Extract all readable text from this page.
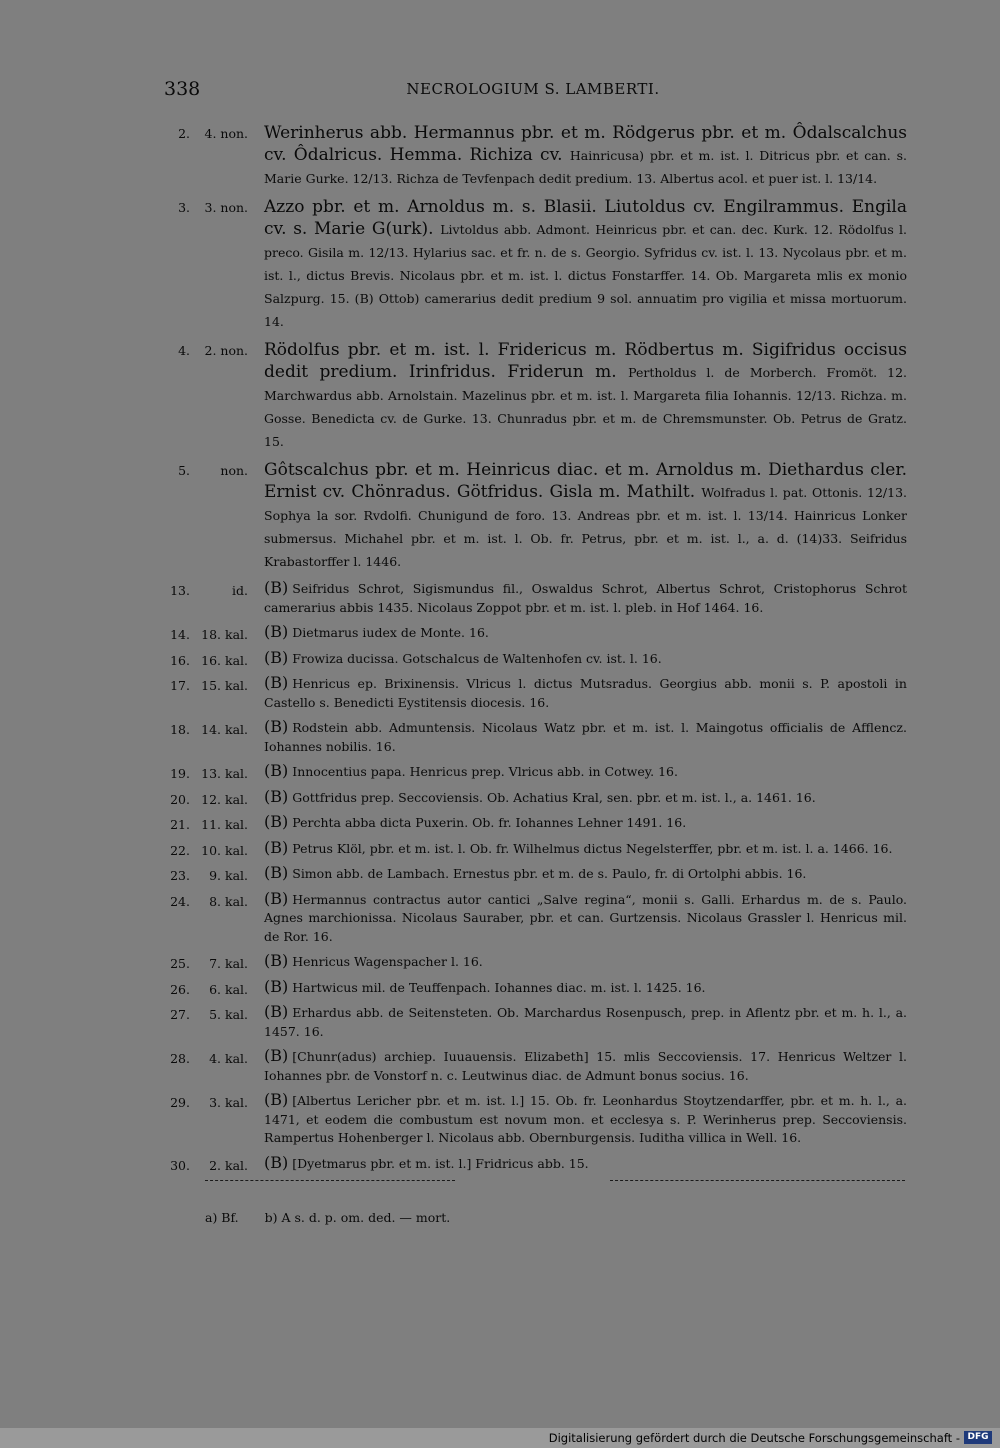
338	NECROLOGIUM S. LAMBERTI.
2.	4. non. Werinherus abb. Hermannus pbr. et m. Rödgerus pbr. et m. Ôdalscalchus cv. Ôdalricus. Hemma. Richiza cv. Hainricusa) pbr. et m. ist. l. Ditricus pbr. et can. s. Marie Gurke. 12/13. Richza de Tevfenpach dedit predium. 13. Albertus acol. et puer ist. l. 13/14.
3.	3. non. Azzo pbr. et m. Arnoldus m. s. Blasii. Liutoldus cv. Engilrammus. Engila cv. s. Marie G(urk). Livtoldus abb. Admont. Heinricus pbr. et can. dec. Kurk. 12. Rödolfus l. preco. Gisila m. 12/13. Hylarius sac. et fr. n. de s. Georgio. Syfridus cv. ist. l. 13. Nycolaus pbr. et m. ist. l., dictus Brevis. Nicolaus pbr. et m. ist. l. dictus Fonstarffer. 14. Ob. Margareta mlis ex monio Salzpurg. 15. (B) Ottob) camerarius dedit predium 9 sol. annuatim pro vigilia et missa mortuorum. 14.
4.	2. non. Rödolfus pbr. et m. ist. l. Fridericus m. Rödbertus m. Sigifridus occisus dedit predium. Irinfridus. Friderun m. Pertholdus l. de Morberch. Fromöt. 12. Marchwardus abb. Arnolstain. Mazelinus pbr. et m. ist. l. Margareta filia Iohannis. 12/13. Richza. m. Gosse. Benedicta cv. de Gurke. 13. Chunradus pbr. et m. de Chremsmunster. Ob. Petrus de Gratz. 15.
5.	non. Gôtscalchus pbr. et m. Heinricus diac. et m. Arnoldus m. Diethardus cler. Ernist cv. Chönradus. Götfridus. Gisla m. Mathilt. Wolfradus l. pat. Ottonis. 12/13. Sophya la sor. Rvdolfi. Chunigund de foro. 13. Andreas pbr. et m. ist. l. 13/14. Hainricus Lonker submersus. Michahel pbr. et m. ist. l. Ob. fr. Petrus, pbr. et m. ist. l., a. d. (14)33. Seifridus Krabastorffer l. 1446.
13.	id. (B) Seifridus Schrot, Sigismundus fil., Oswaldus Schrot, Albertus Schrot, Cristophorus Schrot camerarius abbis 1435. Nicolaus Zoppot pbr. et m. ist. l. pleb. in Hof 1464. 16.
14. 18. kal. (B) Dietmarus iudex de Monte. 16.
16. 16. kal. (B) Frowiza ducissa. Gotschalcus de Waltenhofen cv. ist. l. 16.
17. 15. kal. (B) Henricus ep. Brixinensis. Vlricus l. dictus Mutsradus. Georgius abb. monii s. P. apostoli in Castello s. Benedicti Eystitensis diocesis. 16.
18. 14. kal. (B) Rodstein abb. Admuntensis. Nicolaus Watz pbr. et m. ist. l. Maingotus officialis de Afflencz. Iohannes nobilis. 16.
19. 13. kal. (B) Innocentius papa. Henricus prep. Vlricus abb. in Cotwey. 16.
20. 12. kal. (B) Gottfridus prep. Seccoviensis. Ob. Achatius Kral, sen. pbr. et m. ist. l., a. 1461. 16.
21. 11. kal. (B) Perchta abba dicta Puxerin. Ob. fr. Iohannes Lehner 1491. 16.
22. 10. kal. (B) Petrus Klöl, pbr. et m. ist. l. Ob. fr. Wilhelmus dictus Negelsterffer, pbr. et m. ist. l. a. 1466. 16.
23.	9. kal. (B) Simon abb. de Lambach. Ernestus pbr. et m. de s. Paulo, fr. di Ortolphi abbis. 16.
24.	8. kal. (B) Hermannus contractus autor cantici „Salve regina“, monii s. Galli. Erhardus m. de s. Paulo. Agnes marchionissa. Nicolaus Sauraber, pbr. et can. Gurtzensis. Nicolaus Grassler l. Henricus mil. de Ror. 16.
25.	7. kal. (B) Henricus Wagenspacher l. 16.
26.	6. kal. (B) Hartwicus mil. de Teuffenpach. Iohannes diac. m. ist. l. 1425. 16.
27.	5. kal. (B) Erhardus abb. de Seitensteten. Ob. Marchardus Rosenpusch, prep. in Aflentz pbr. et m. h. l., a. 1457. 16.
28.	4. kal. (B) [Chunr(adus) archiep. Iuuauensis. Elizabeth] 15. mlis Seccoviensis. 17. Henricus Weltzer l. Iohannes pbr. de Vonstorf n. c. Leutwinus diac. de Admunt bonus socius. 16.
29.	3. kal. (B) [Albertus Lericher pbr. et m. ist. l.] 15. Ob. fr. Leonhardus Stoytzendarffer, pbr. et m. h. l., a. 1471, et eodem die combustum est novum mon. et ecclesya s. P. Werinherus prep. Seccoviensis. Rampertus Hohenberger l. Nicolaus abb. Obernburgensis. Iuditha villica in Well. 16.
30.	2. kal. (B) [Dyetmarus pbr. et m. ist. l.] Fridricus abb. 15.
a) Bf. b) A s. d. p. om. ded. — mort.
Digitalisierung gefördert durch die Deutsche Forschungsgemeinschaft - DFG
